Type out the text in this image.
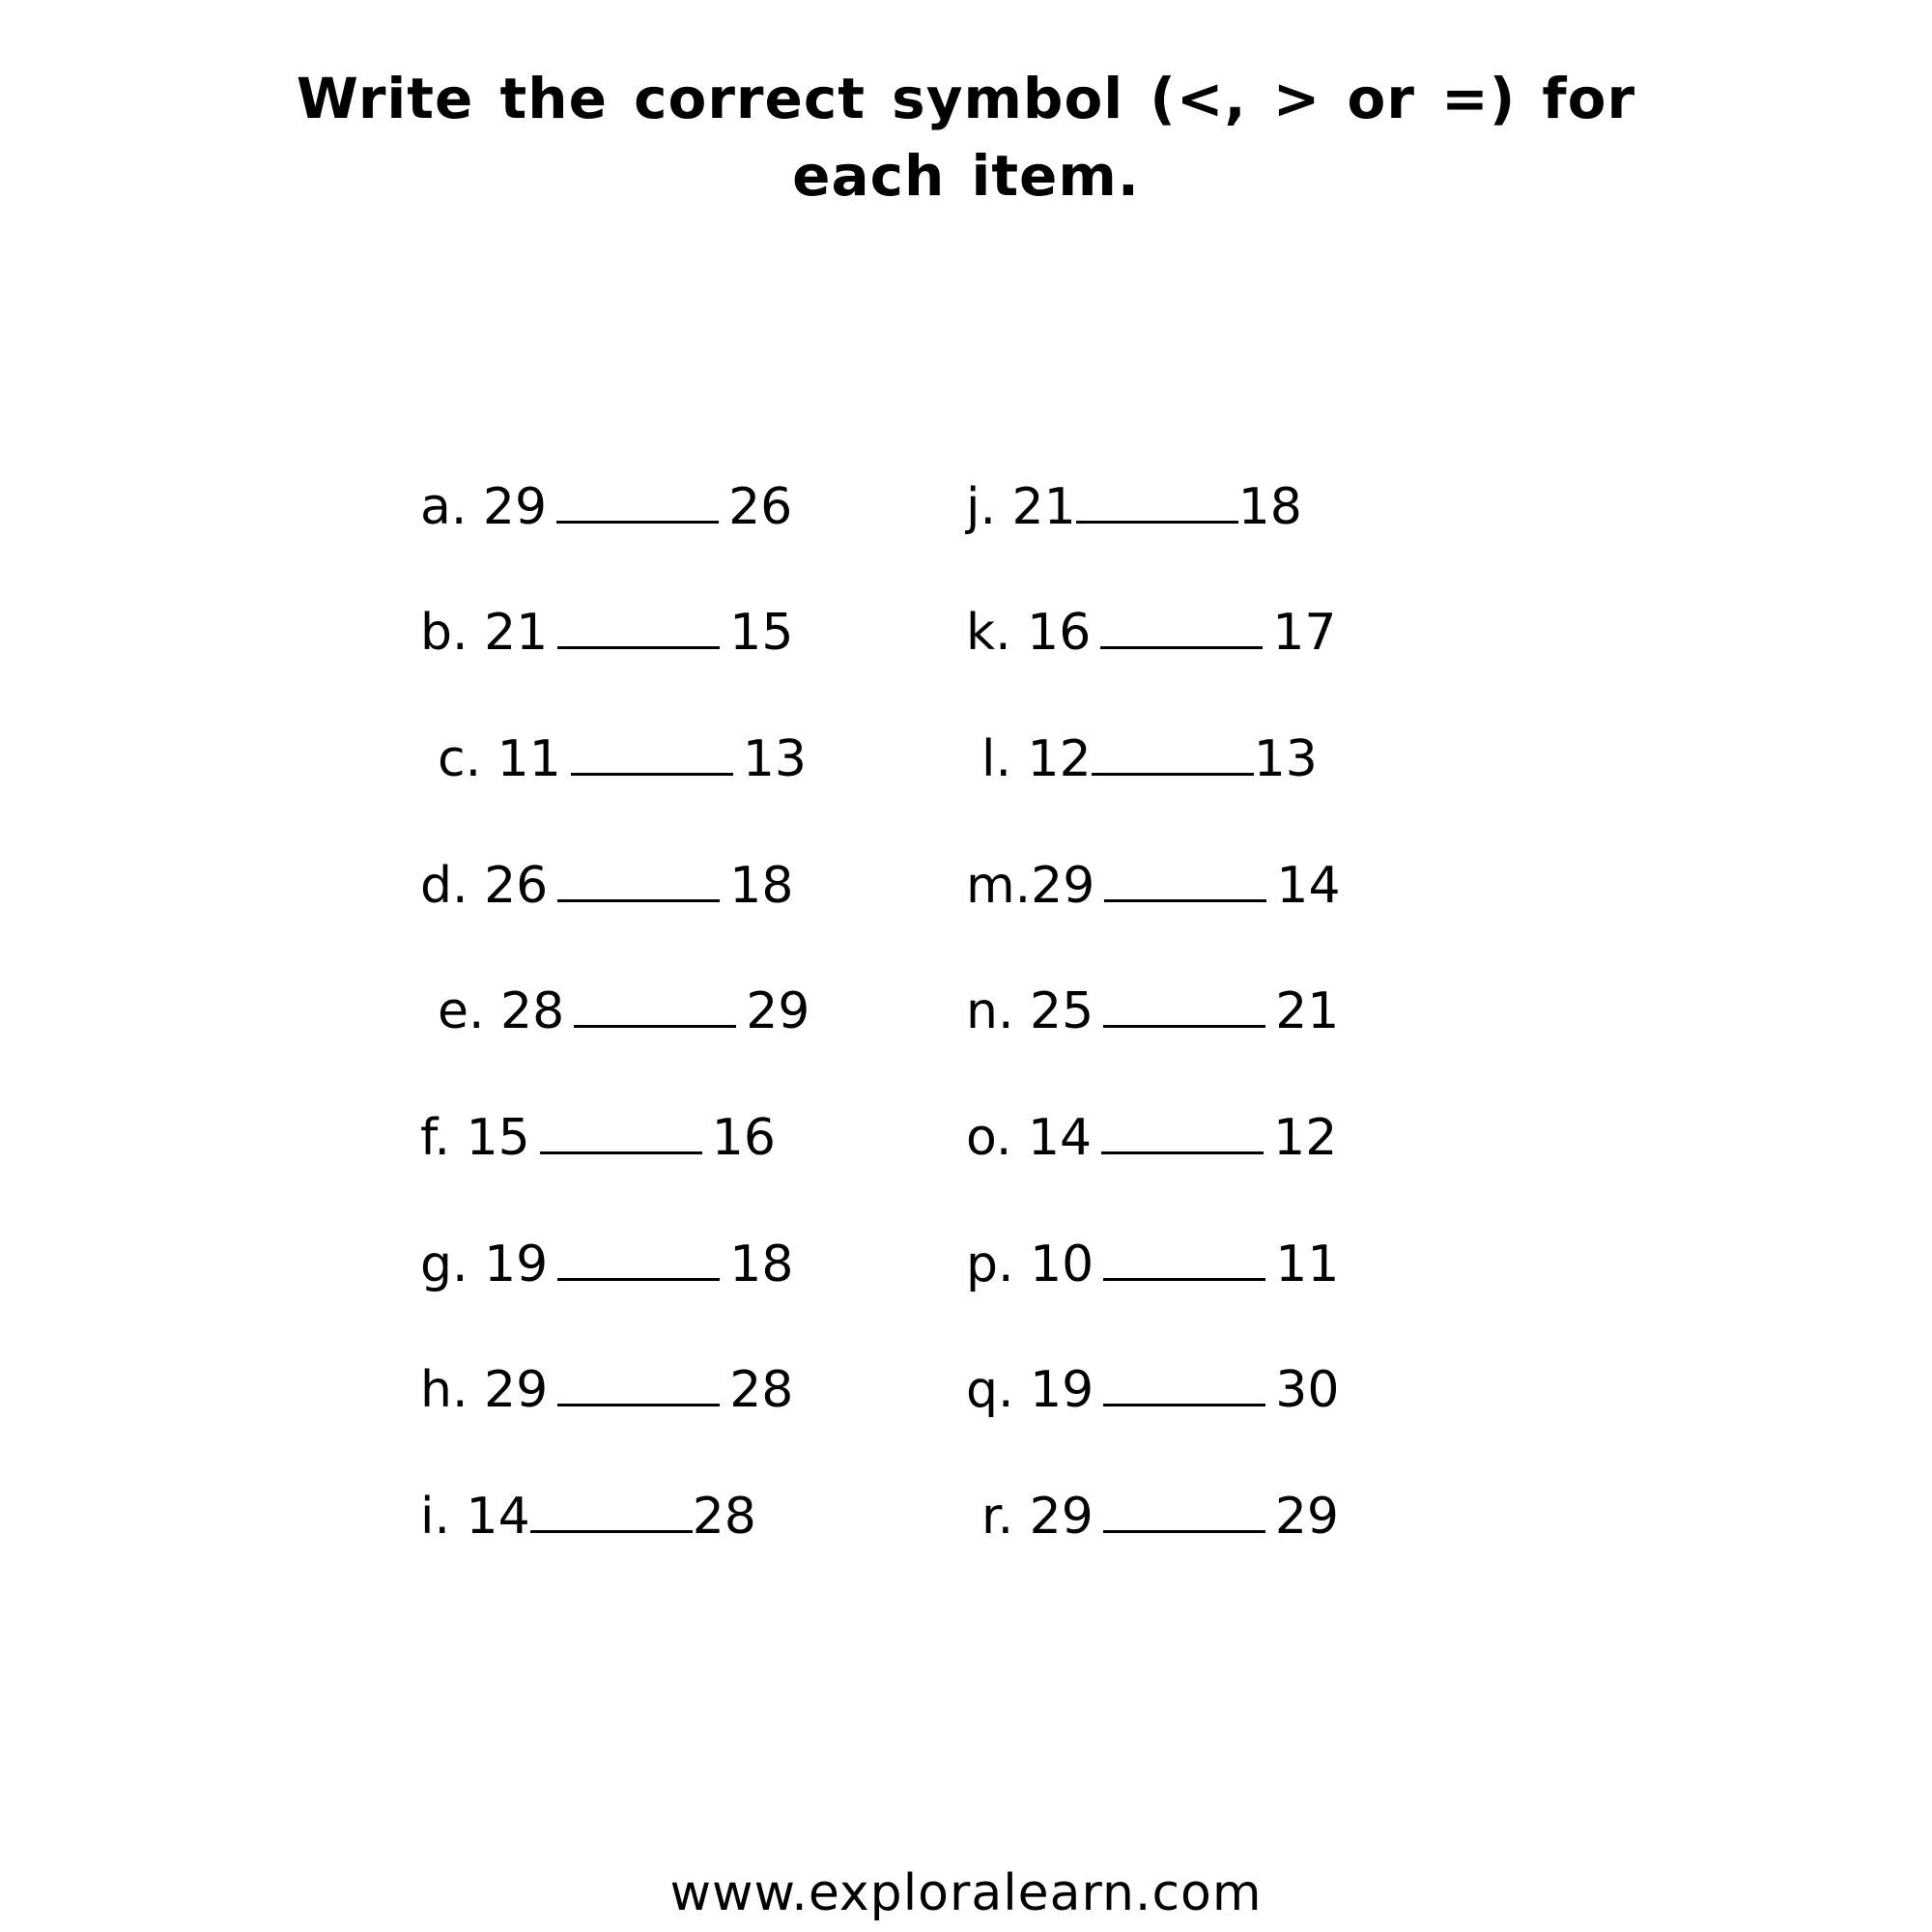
Write the correct symbol (<, > or =) for each item.
a. 29	26
b. 21	15
c. 11	13
d. 26	18
e. 28	29
f. 15	16
g. 19	18
h. 29	28
i. 14	28
j. 21	18
k. 16	17
l. 12	13
m.29	14
n. 25	21
o. 14	12
p. 10	11
q. 19	30
r. 29	29
www.exploralearn.com
